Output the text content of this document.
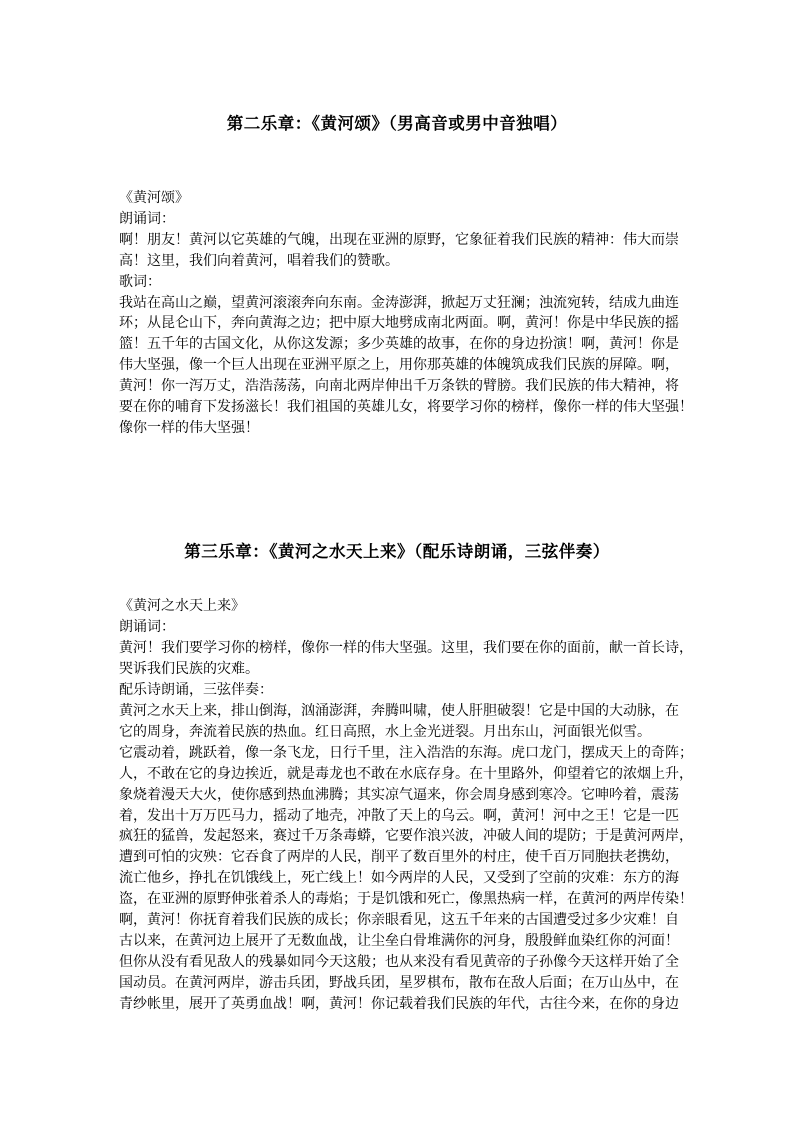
第二乐章：《黄河颂》（男高音或男中音独唱）
《黄河颂》
朗诵词：
啊！朋友！黄河以它英雄的气魄，出现在亚洲的原野，它象征着我们民族的精神：伟大而崇
高！这里，我们向着黄河，唱着我们的赞歌。
歌词：
我站在高山之巅，望黄河滚滚奔向东南。金涛澎湃，掀起万丈狂澜；浊流宛转，结成九曲连
环；从昆仑山下，奔向黄海之边；把中原大地劈成南北两面。啊，黄河！你是中华民族的摇
篮！五千年的古国文化，从你这发源；多少英雄的故事，在你的身边扮演！啊，黄河！你是
伟大坚强，像一个巨人出现在亚洲平原之上，用你那英雄的体魄筑成我们民族的屏障。啊，
黄河！你一泻万丈，浩浩荡荡，向南北两岸伸出千万条铁的臂膀。我们民族的伟大精神，将
要在你的哺育下发扬滋长！我们祖国的英雄儿女，将要学习你的榜样，像你一样的伟大坚强！
像你一样的伟大坚强！
第三乐章：《黄河之水天上来》（配乐诗朗诵，三弦伴奏）
《黄河之水天上来》
朗诵词：
黄河！我们要学习你的榜样，像你一样的伟大坚强。这里，我们要在你的面前，献一首长诗，
哭诉我们民族的灾难。
配乐诗朗诵，三弦伴奏：
黄河之水天上来，排山倒海，汹涌澎湃，奔腾叫啸，使人肝胆破裂！它是中国的大动脉，在
它的周身，奔流着民族的热血。红日高照，水上金光迸裂。月出东山，河面银光似雪。
它震动着，跳跃着，像一条飞龙，日行千里，注入浩浩的东海。虎口龙门，摆成天上的奇阵；
人，不敢在它的身边挨近，就是毒龙也不敢在水底存身。在十里路外，仰望着它的浓烟上升，
象烧着漫天大火，使你感到热血沸腾；其实凉气逼来，你会周身感到寒冷。它呻吟着，震荡
着，发出十万万匹马力，摇动了地壳，冲散了天上的乌云。啊，黄河！河中之王！它是一匹
疯狂的猛兽，发起怒来，赛过千万条毒蟒，它要作浪兴波，冲破人间的堤防；于是黄河两岸，
遭到可怕的灾殃：它吞食了两岸的人民，削平了数百里外的村庄，使千百万同胞扶老携幼，
流亡他乡，挣扎在饥饿线上，死亡线上！如今两岸的人民，又受到了空前的灾难：东方的海
盗，在亚洲的原野伸张着杀人的毒焰；于是饥饿和死亡，像黑热病一样，在黄河的两岸传染！
啊，黄河！你抚育着我们民族的成长；你亲眼看见，这五千年来的古国遭受过多少灾难！自
古以来，在黄河边上展开了无数血战，让尘垒白骨堆满你的河身，殷殷鲜血染红你的河面！
但你从没有看见敌人的残暴如同今天这般；也从来没有看见黄帝的子孙像今天这样开始了全
国动员。在黄河两岸，游击兵团，野战兵团，星罗棋布，散布在敌人后面；在万山丛中，在
青纱帐里，展开了英勇血战！啊，黄河！你记载着我们民族的年代，古往今来，在你的身边
